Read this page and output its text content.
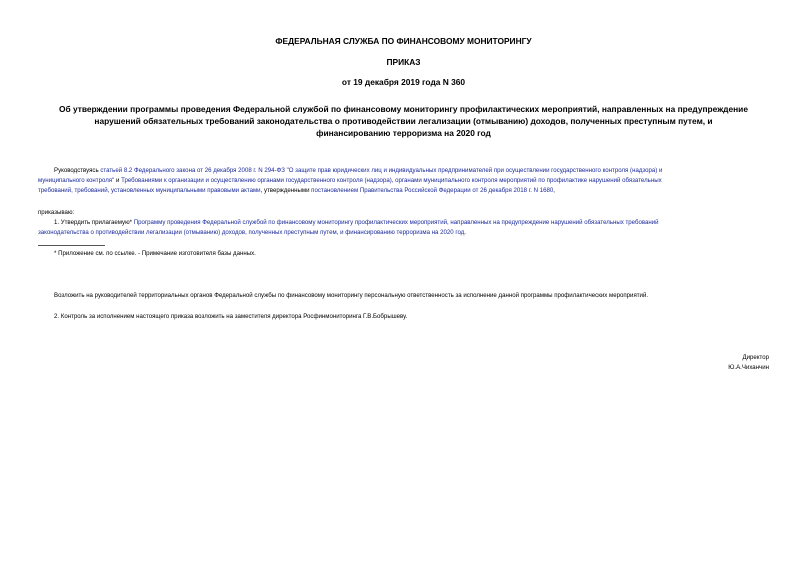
ФЕДЕРАЛЬНАЯ СЛУЖБА ПО ФИНАНСОВОМУ МОНИТОРИНГУ
ПРИКАЗ
от 19 декабря 2019 года N 360
Об утверждении программы проведения Федеральной службой по финансовому мониторингу профилактических мероприятий, направленных на предупреждение
нарушений обязательных требований законодательства о противодействии легализации (отмыванию) доходов, полученных преступным путем, и
финансированию терроризма на 2020 год
Руководствуясь статьей 8.2 Федерального закона от 26 декабря 2008 г. N 294-ФЗ "О защите прав юридических лиц и индивидуальных предпринимателей при осуществлении государственного контроля (надзора) и
муниципального контроля" и Требованиями к организации и осуществлению органами государственного контроля (надзора), органами муниципального контроля мероприятий по профилактике нарушений обязательных
требований, требований, установленных муниципальными правовыми актами, утвержденными постановлением Правительства Российской Федерации от 26 декабря 2018 г. N 1680,
приказываю:
1. Утвердить прилагаемую* Программу проведения Федеральной службой по финансовому мониторингу профилактических мероприятий, направленных на предупреждение нарушений обязательных требований
законодательства о противодействии легализации (отмыванию) доходов, полученных преступным путем, и финансированию терроризма на 2020 год.
* Приложение см. по ссылке. - Примечание изготовителя базы данных.
Возложить на руководителей территориальных органов Федеральной службы по финансовому мониторингу персональную ответственность за исполнение данной программы профилактических мероприятий.
2. Контроль за исполнением настоящего приказа возложить на заместителя директора Росфинмониторинга Г.В.Бобрышеву.
Директор
Ю.А.Чиханчин
